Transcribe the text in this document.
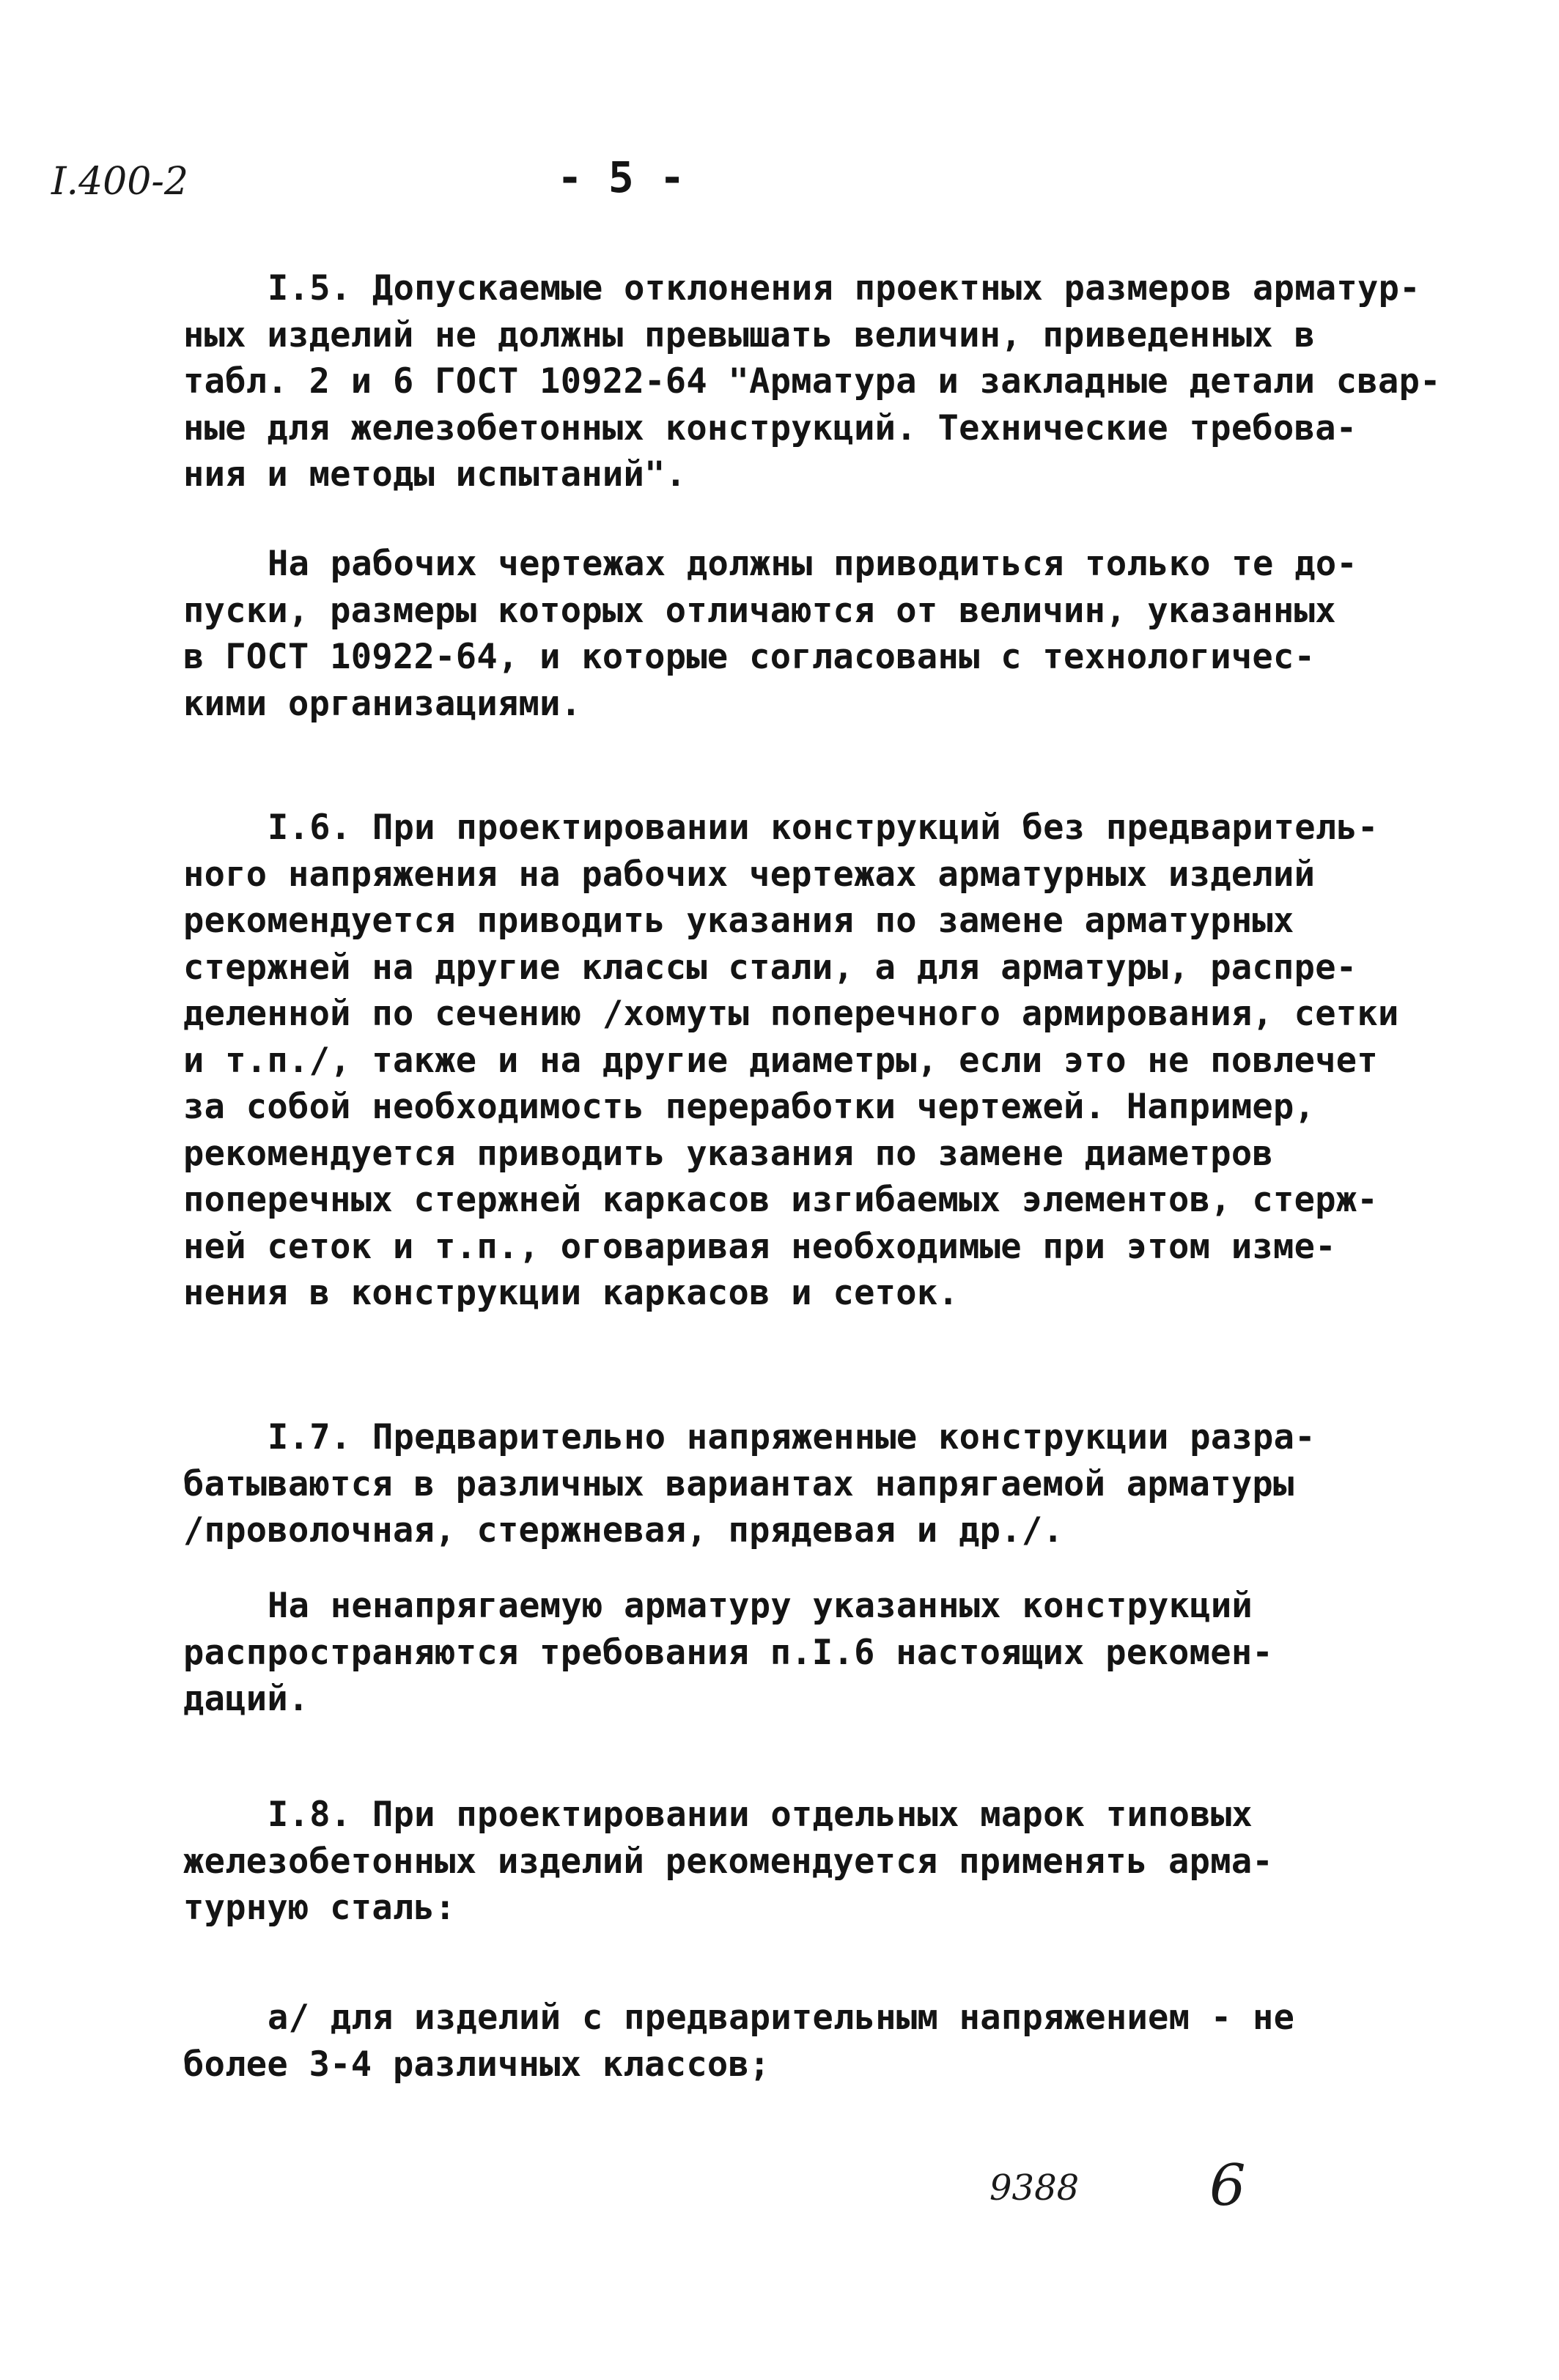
I.400-2	- 5 -
I.5. Допускаемые отклонения проектных размеров арматур-
ных изделий не должны превышать величин, приведенных в
табл. 2 и 6 ГОСТ 10922-64 "Арматура и закладные детали свар-
ные для железобетонных конструкций. Технические требова-
ния и методы испытаний".
На рабочих чертежах должны приводиться только те до-
пуски, размеры которых отличаются от величин, указанных
в ГОСТ 10922-64, и которые согласованы с технологичес-
кими организациями.
I.6. При проектировании конструкций без предваритель-
ного напряжения на рабочих чертежах арматурных изделий
рекомендуется приводить указания по замене арматурных
стержней на другие классы стали, а для арматуры, распре-
деленной по сечению /хомуты поперечного армирования, сетки
и т.п./, также и на другие диаметры, если это не повлечет
за собой необходимость переработки чертежей. Например,
рекомендуется приводить указания по замене диаметров
поперечных стержней каркасов изгибаемых элементов, стерж-
ней сеток и т.п., оговаривая необходимые при этом изме-
нения в конструкции каркасов и сеток.
I.7. Предварительно напряженные конструкции разра-
батываются в различных вариантах напрягаемой арматуры
/проволочная, стержневая, прядевая и др./.
На ненапрягаемую арматуру указанных конструкций
распространяются требования п.I.6 настоящих рекомен-
даций.
I.8. При проектировании отдельных марок типовых
железобетонных изделий рекомендуется применять арма-
турную сталь:
а/ для изделий с предварительным напряжением - не
более 3-4 различных классов;
9388 6
